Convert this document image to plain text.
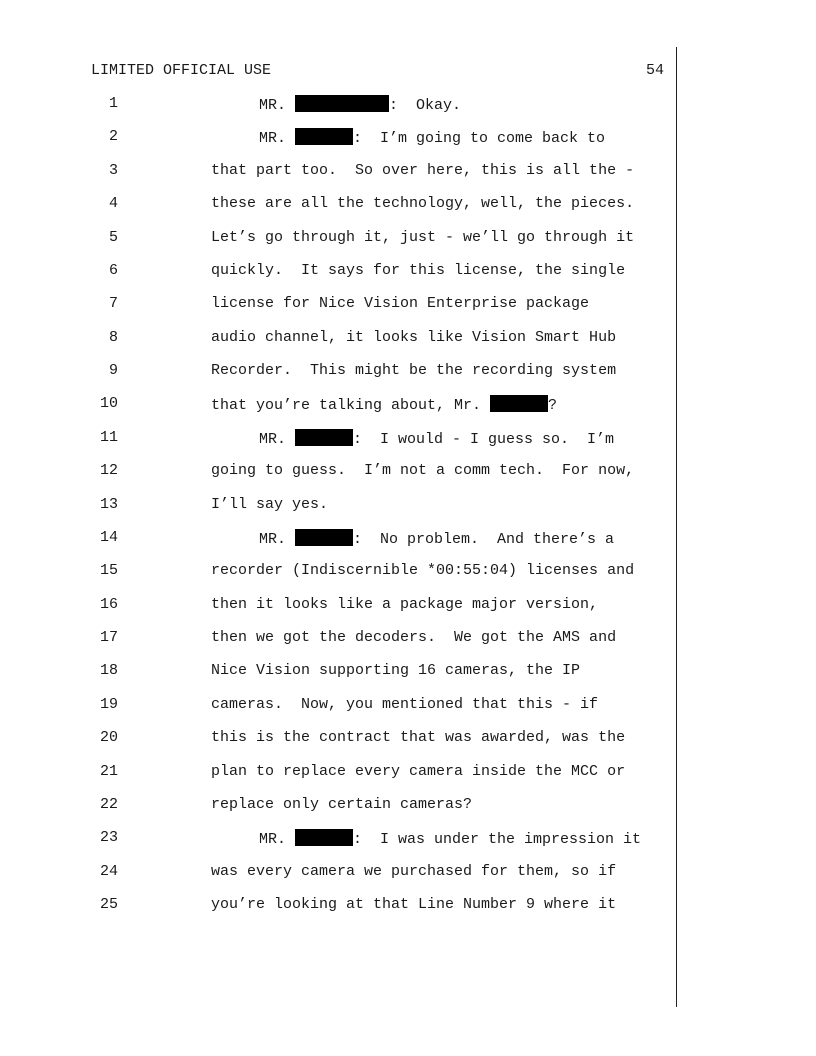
LIMITED OFFICIAL USE	54
1	MR.	:  Okay.
2	MR.	:  I’m going to come back to
3	that part too.  So over here, this is all the -
4	these are all the technology, well, the pieces.
5	Let’s go through it, just - we’ll go through it
6	quickly.  It says for this license, the single
7	license for Nice Vision Enterprise package
8	audio channel, it looks like Vision Smart Hub
9	Recorder.  This might be the recording system
10	that you’re talking about, Mr.	?
11	MR.	:  I would - I guess so.  I’m
12	going to guess.  I’m not a comm tech.  For now,
13	I’ll say yes.
14	MR.	:  No problem.  And there’s a
15	recorder (Indiscernible *00:55:04) licenses and
16	then it looks like a package major version,
17	then we got the decoders.  We got the AMS and
18	Nice Vision supporting 16 cameras, the IP
19	cameras.  Now, you mentioned that this - if
20	this is the contract that was awarded, was the
21	plan to replace every camera inside the MCC or
22	replace only certain cameras?
23	MR.	:  I was under the impression it
24	was every camera we purchased for them, so if
25	you’re looking at that Line Number 9 where it
